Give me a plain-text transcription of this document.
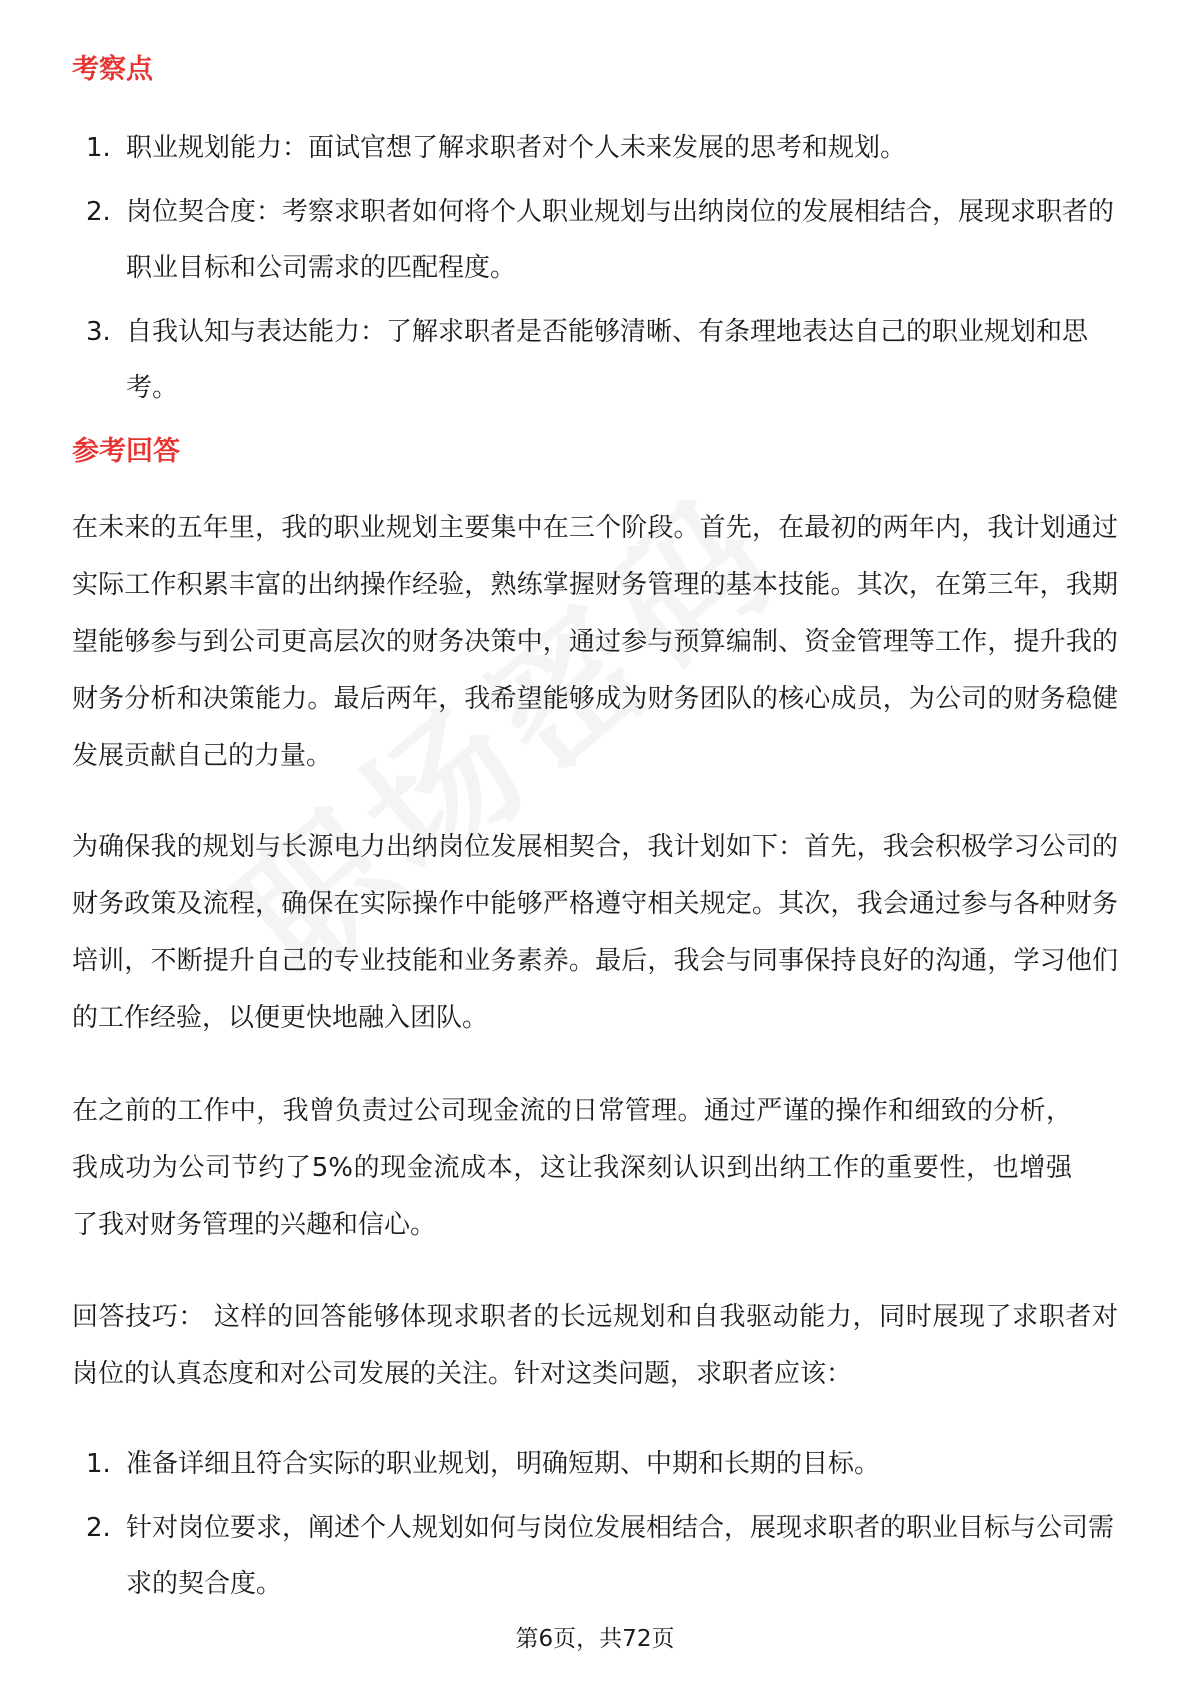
考察点
1. 职业规划能力：面试官想了解求职者对个人未来发展的思考和规划。
2. 岗位契合度：考察求职者如何将个人职业规划与出纳岗位的发展相结合，展现求职者的职业目标和公司需求的匹配程度。
3. 自我认知与表达能力：了解求职者是否能够清晰、有条理地表达自己的职业规划和思考。
参考回答

在未来的五年里，我的职业规划主要集中在三个阶段。首先，在最初的两年内，我计划通过实际工作积累丰富的出纳操作经验，熟练掌握财务管理的基本技能。其次，在第三年，我期望能够参与到公司更高层次的财务决策中，通过参与预算编制、资金管理等工作，提升我的财务分析和决策能力。最后两年，我希望能够成为财务团队的核心成员，为公司的财务稳健发展贡献自己的力量。

为确保我的规划与长源电力出纳岗位发展相契合，我计划如下：首先，我会积极学习公司的财务政策及流程，确保在实际操作中能够严格遵守相关规定。其次，我会通过参与各种财务培训，不断提升自己的专业技能和业务素养。最后，我会与同事保持良好的沟通，学习他们的工作经验，以便更快地融入团队。

在之前的工作中，我曾负责过公司现金流的日常管理。通过严谨的操作和细致的分析，我成功为公司节约了5%的现金流成本，这让我深刻认识到出纳工作的重要性，也增强了我对财务管理的兴趣和信心。

回答技巧： 这样的回答能够体现求职者的长远规划和自我驱动能力，同时展现了求职者对岗位的认真态度和对公司发展的关注。针对这类问题，求职者应该：

1. 准备详细且符合实际的职业规划，明确短期、中期和长期的目标。
2. 针对岗位要求，阐述个人规划如何与岗位发展相结合，展现求职者的职业目标与公司需求的契合度。
第6页，共72页
